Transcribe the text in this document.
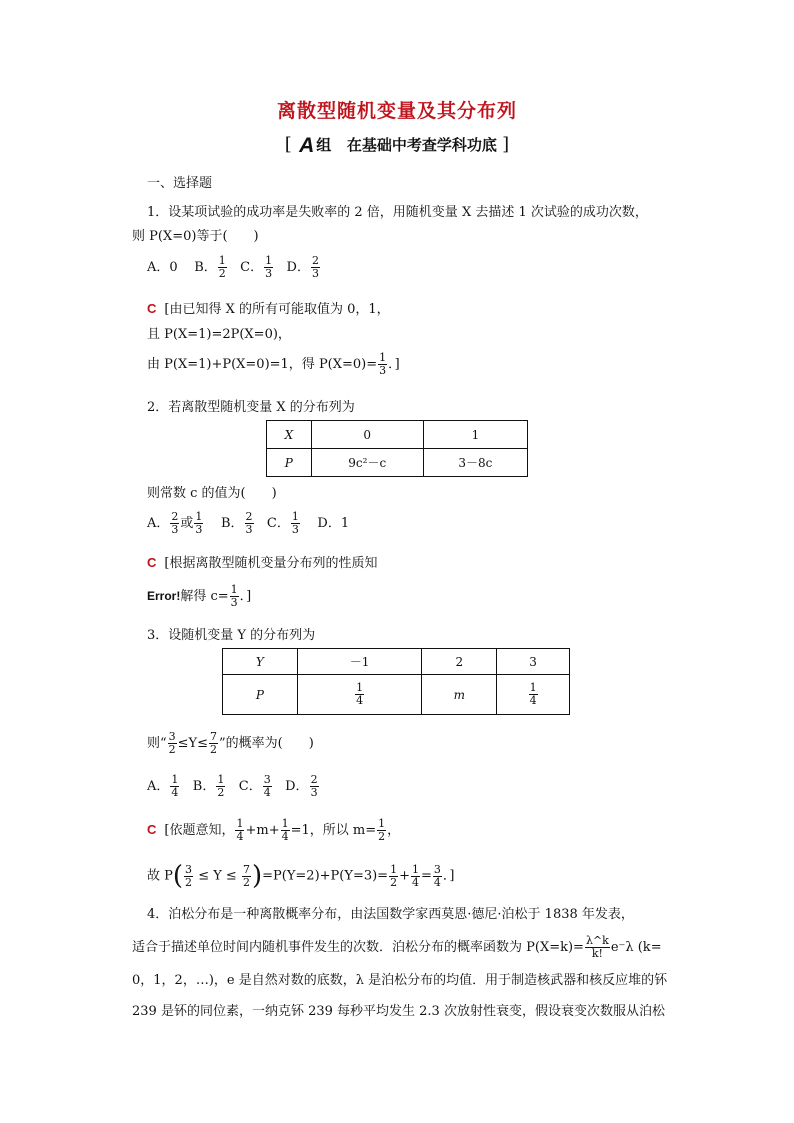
离散型随机变量及其分布列
[ A 组 在基础中考查学科功底 ]
一、选择题
1．设某项试验的成功率是失败率的 2 倍，用随机变量 X 去描述 1 次试验的成功次数，
则 P(X=0)等于(　　)
A．0 B． $\frac{1}{2}$ C． $\frac{1}{3}$ D． $\frac{2}{3}$
C [由已知得 X 的所有可能取值为 0，1，
且 P(X=1)=2P(X=0)，
由 P(X=1)+P(X=0)=1，得 $P(X=0)= \frac{1}{3}$ ．]
2．若离散型随机变量 X 的分布列为
X	0	1
P	9c²－c	3－8c
则常数 c 的值为(　　)
A． $\frac{2}{3}$ 或 $\frac{1}{3}$ B． $\frac{2}{3}$ C． $\frac{1}{3}$ D．1
C [根据离散型随机变量分布列的性质知
Error!解得 $c= \frac{1}{3}$ ．]
3．设随机变量 Y 的分布列为
Y	－1	2	3
P	$\frac{1}{4}$	m	$\frac{1}{4}$
则“ $\frac{3}{2} \le Y\le \frac{7}{2}$ ”的概率为(　　)
A． $\frac{1}{4}$ B． $\frac{1}{2}$ C． $\frac{3}{4}$ D． $\frac{2}{3}$
C [依题意知， $\frac{1}{4} +m+ \frac{1}{4} =1$，所以 $m= \frac{1}{2}$ ，
故 $P( \frac{3}{2} \le Y \le \frac{7}{2} )=P(Y=2)+P(Y=3)= \frac{1}{2} + \frac{1}{4} = \frac{3}{4}$ ．]
4．泊松分布是一种离散概率分布，由法国数学家西莫恩·德尼·泊松于 1838 年发表，
适合于描述单位时间内随机事件发生的次数．泊松分布的概率函数为 $P(X=k)= \frac{\lambda\^{}k}{k!} e^-\lambda$ (k=
0，1，2，…)，e 是自然对数的底数，λ 是泊松分布的均值．用于制造核武器和核反应堆的钚
239 是钚的同位素，一纳克钚 239 每秒平均发生 2.3 次放射性衰变，假设衰变次数服从泊松
